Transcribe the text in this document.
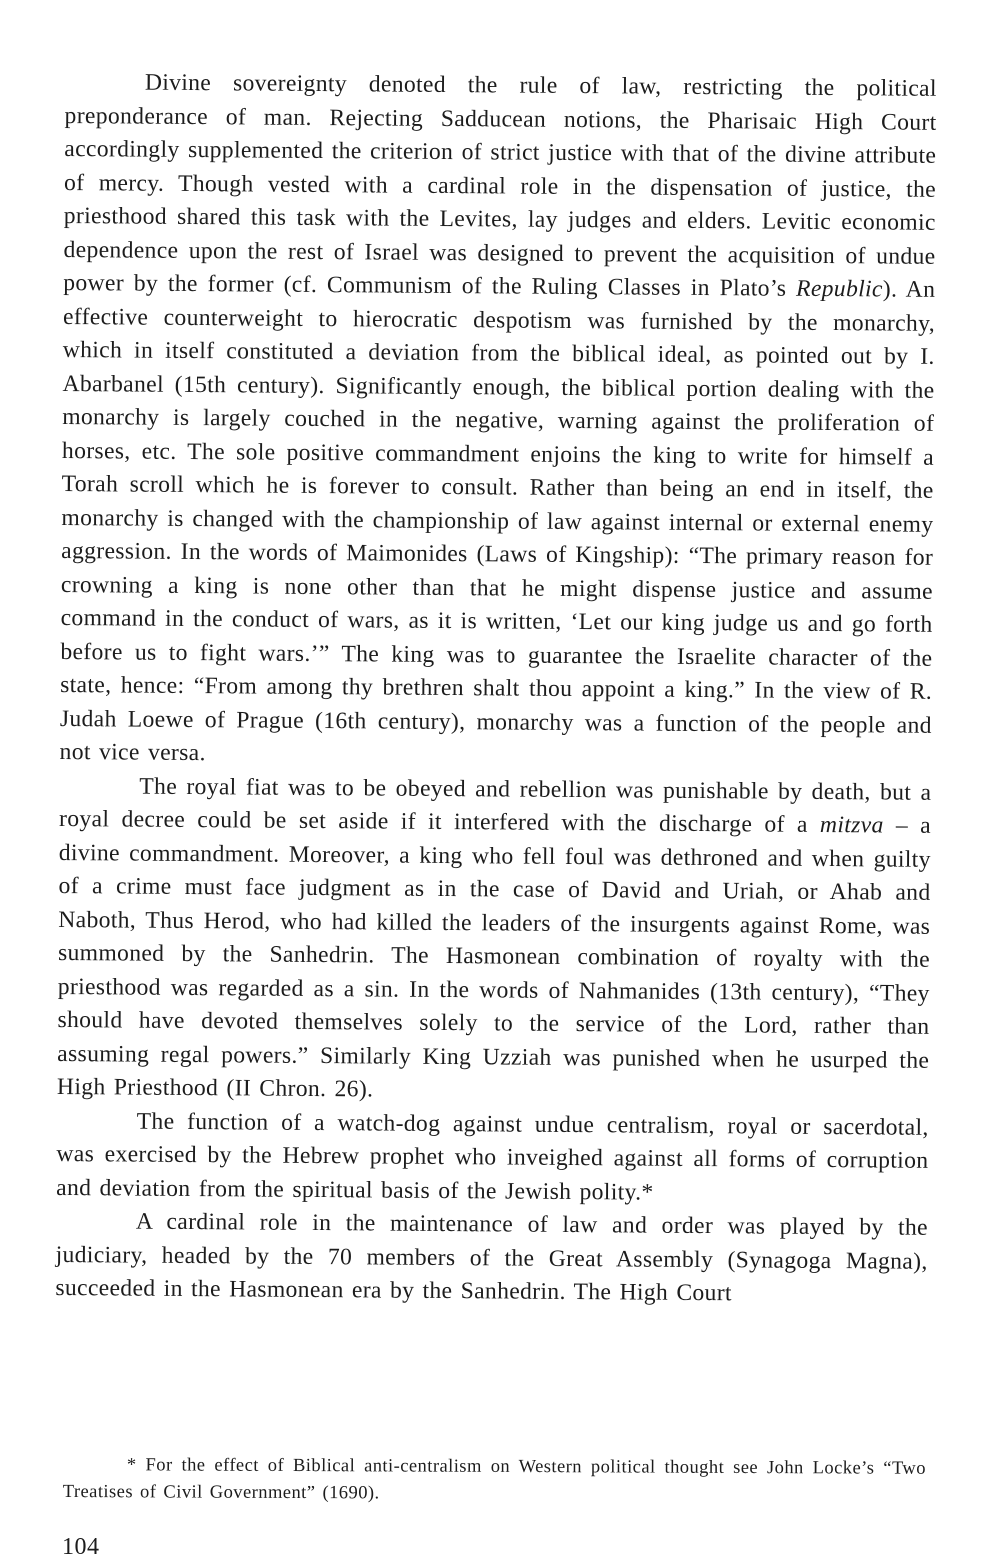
Divine sovereignty denoted the rule of law, restricting the political preponderance of man. Rejecting Sadducean notions, the Pharisaic High Court accordingly supplemented the criterion of strict justice with that of the divine attribute of mercy. Though vested with a cardinal role in the dispensation of justice, the priesthood shared this task with the Levites, lay judges and elders. Levitic economic dependence upon the rest of Israel was designed to prevent the acquisition of undue power by the former (cf. Communism of the Ruling Classes in Plato’s Republic). An effective counterweight to hierocratic despotism was furnished by the monarchy, which in itself constituted a deviation from the biblical ideal, as pointed out by I. Abarbanel (15th century). Significantly enough, the biblical portion dealing with the monarchy is largely couched in the negative, warning against the proliferation of horses, etc. The sole positive commandment enjoins the king to write for himself a Torah scroll which he is forever to consult. Rather than being an end in itself, the monarchy is changed with the championship of law against internal or external enemy aggression. In the words of Maimonides (Laws of Kingship): “The primary reason for crowning a king is none other than that he might dispense justice and assume command in the conduct of wars, as it is written, ‘Let our king judge us and go forth before us to fight wars.’” The king was to guarantee the Israelite character of the state, hence: “From among thy brethren shalt thou appoint a king.” In the view of R. Judah Loewe of Prague (16th century), monarchy was a function of the people and not vice versa.

The royal fiat was to be obeyed and rebellion was punishable by death, but a royal decree could be set aside if it interfered with the discharge of a mitzva – a divine commandment. Moreover, a king who fell foul was dethroned and when guilty of a crime must face judgment as in the case of David and Uriah, or Ahab and Naboth, Thus Herod, who had killed the leaders of the insurgents against Rome, was summoned by the Sanhedrin. The Hasmonean combination of royalty with the priesthood was regarded as a sin. In the words of Nahmanides (13th century), “They should have devoted themselves solely to the service of the Lord, rather than assuming regal powers.” Similarly King Uzziah was punished when he usurped the High Priesthood (II Chron. 26).

The function of a watch-dog against undue centralism, royal or sacerdotal, was exercised by the Hebrew prophet who inveighed against all forms of corruption and deviation from the spiritual basis of the Jewish polity.*

A cardinal role in the maintenance of law and order was played by the judiciary, headed by the 70 members of the Great Assembly (Synagoga Magna), succeeded in the Hasmonean era by the Sanhedrin. The High Court

* For the effect of Biblical anti-centralism on Western political thought see John Locke’s “Two Treatises of Civil Government” (1690).

104
